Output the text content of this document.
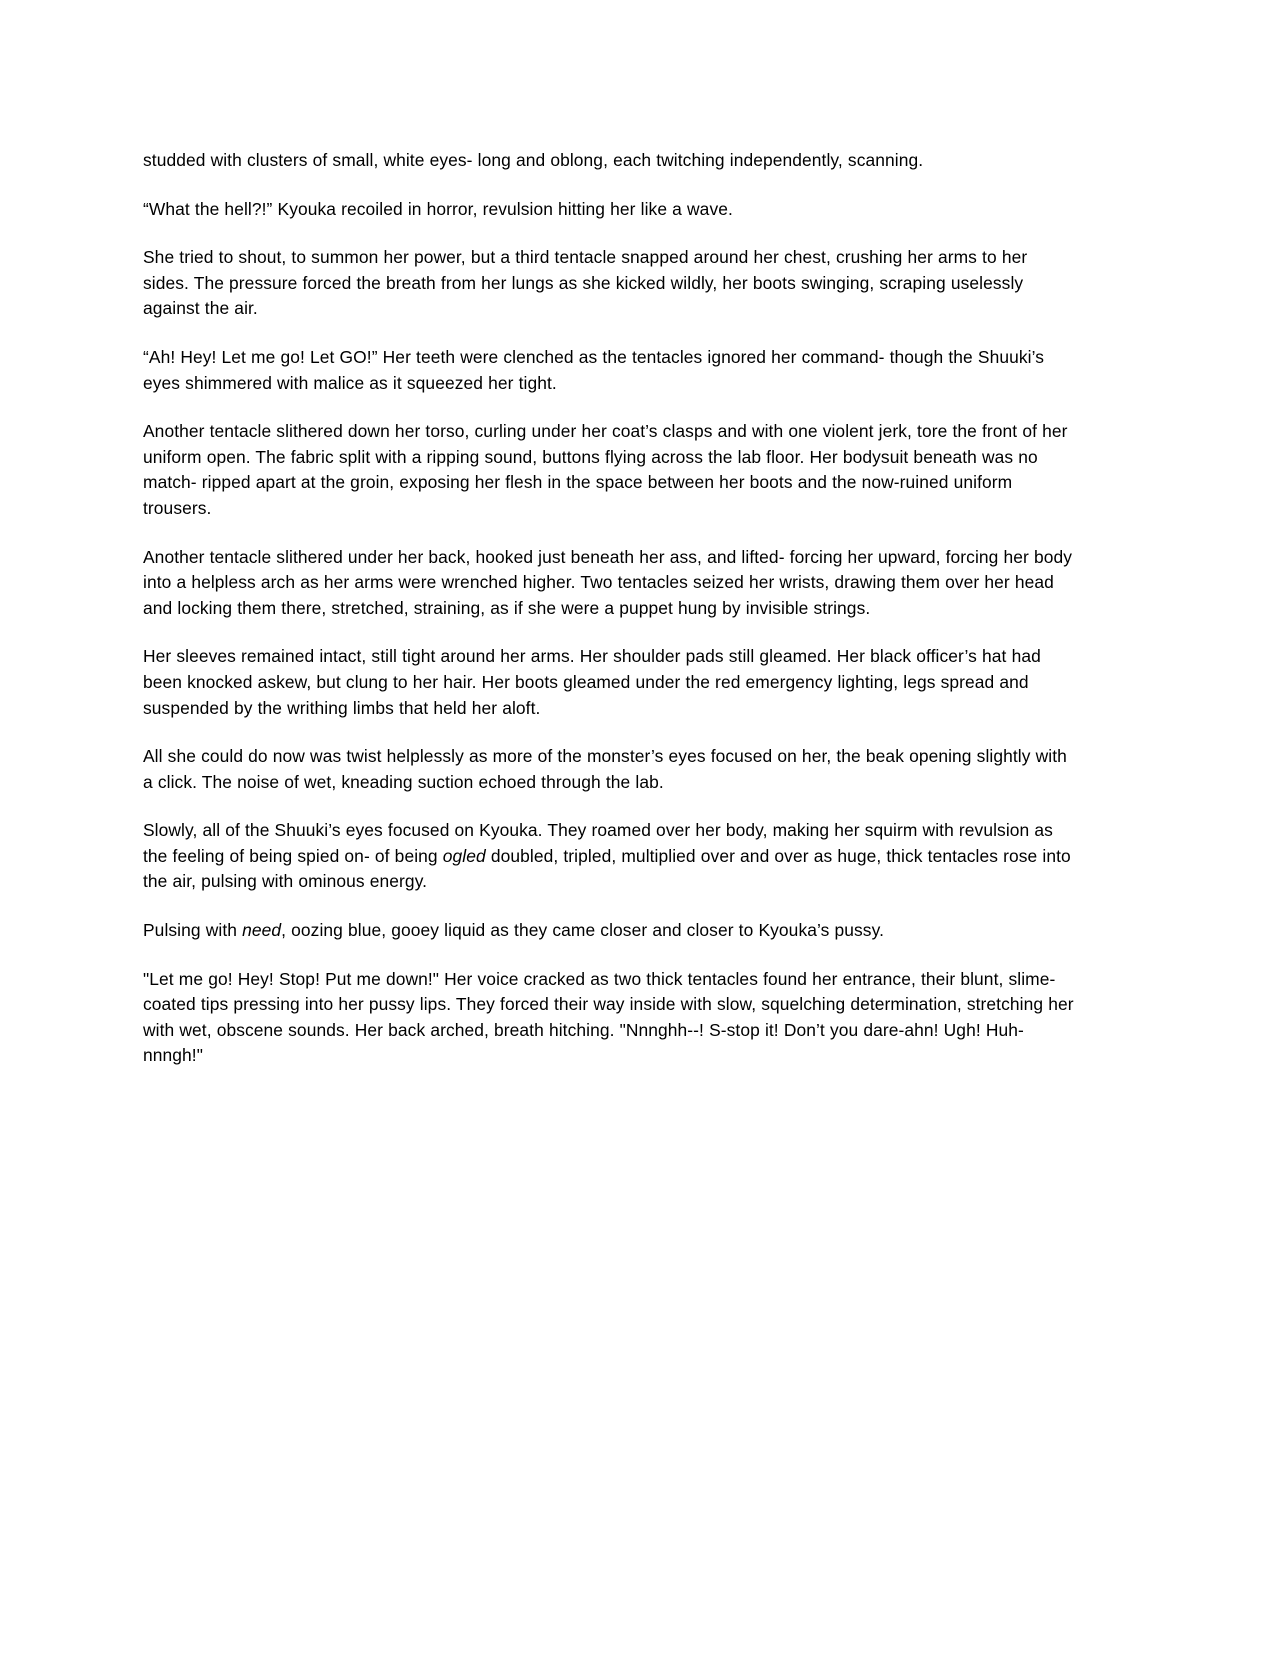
studded with clusters of small, white eyes- long and oblong, each twitching independently, scanning.

“What the hell?!” Kyouka recoiled in horror, revulsion hitting her like a wave.

She tried to shout, to summon her power, but a third tentacle snapped around her chest, crushing her arms to her sides. The pressure forced the breath from her lungs as she kicked wildly, her boots swinging, scraping uselessly against the air.

“Ah! Hey! Let me go! Let GO!” Her teeth were clenched as the tentacles ignored her command- though the Shuuki’s eyes shimmered with malice as it squeezed her tight.

Another tentacle slithered down her torso, curling under her coat’s clasps and with one violent jerk, tore the front of her uniform open. The fabric split with a ripping sound, buttons flying across the lab floor. Her bodysuit beneath was no match- ripped apart at the groin, exposing her flesh in the space between her boots and the now-ruined uniform trousers.

Another tentacle slithered under her back, hooked just beneath her ass, and lifted- forcing her upward, forcing her body into a helpless arch as her arms were wrenched higher. Two tentacles seized her wrists, drawing them over her head and locking them there, stretched, straining, as if she were a puppet hung by invisible strings.

Her sleeves remained intact, still tight around her arms. Her shoulder pads still gleamed. Her black officer’s hat had been knocked askew, but clung to her hair. Her boots gleamed under the red emergency lighting, legs spread and suspended by the writhing limbs that held her aloft.

All she could do now was twist helplessly as more of the monster’s eyes focused on her, the beak opening slightly with a click. The noise of wet, kneading suction echoed through the lab.

Slowly, all of the Shuuki’s eyes focused on Kyouka. They roamed over her body, making her squirm with revulsion as the feeling of being spied on- of being ogled doubled, tripled, multiplied over and over as huge, thick tentacles rose into the air, pulsing with ominous energy.

Pulsing with need, oozing blue, gooey liquid as they came closer and closer to Kyouka’s pussy.

"Let me go! Hey! Stop! Put me down!" Her voice cracked as two thick tentacles found her entrance, their blunt, slime-coated tips pressing into her pussy lips. They forced their way inside with slow, squelching determination, stretching her with wet, obscene sounds. Her back arched, breath hitching. "Nnnghh--! S-stop it! Don’t you dare-ahn! Ugh! Huh-nnngh!"
